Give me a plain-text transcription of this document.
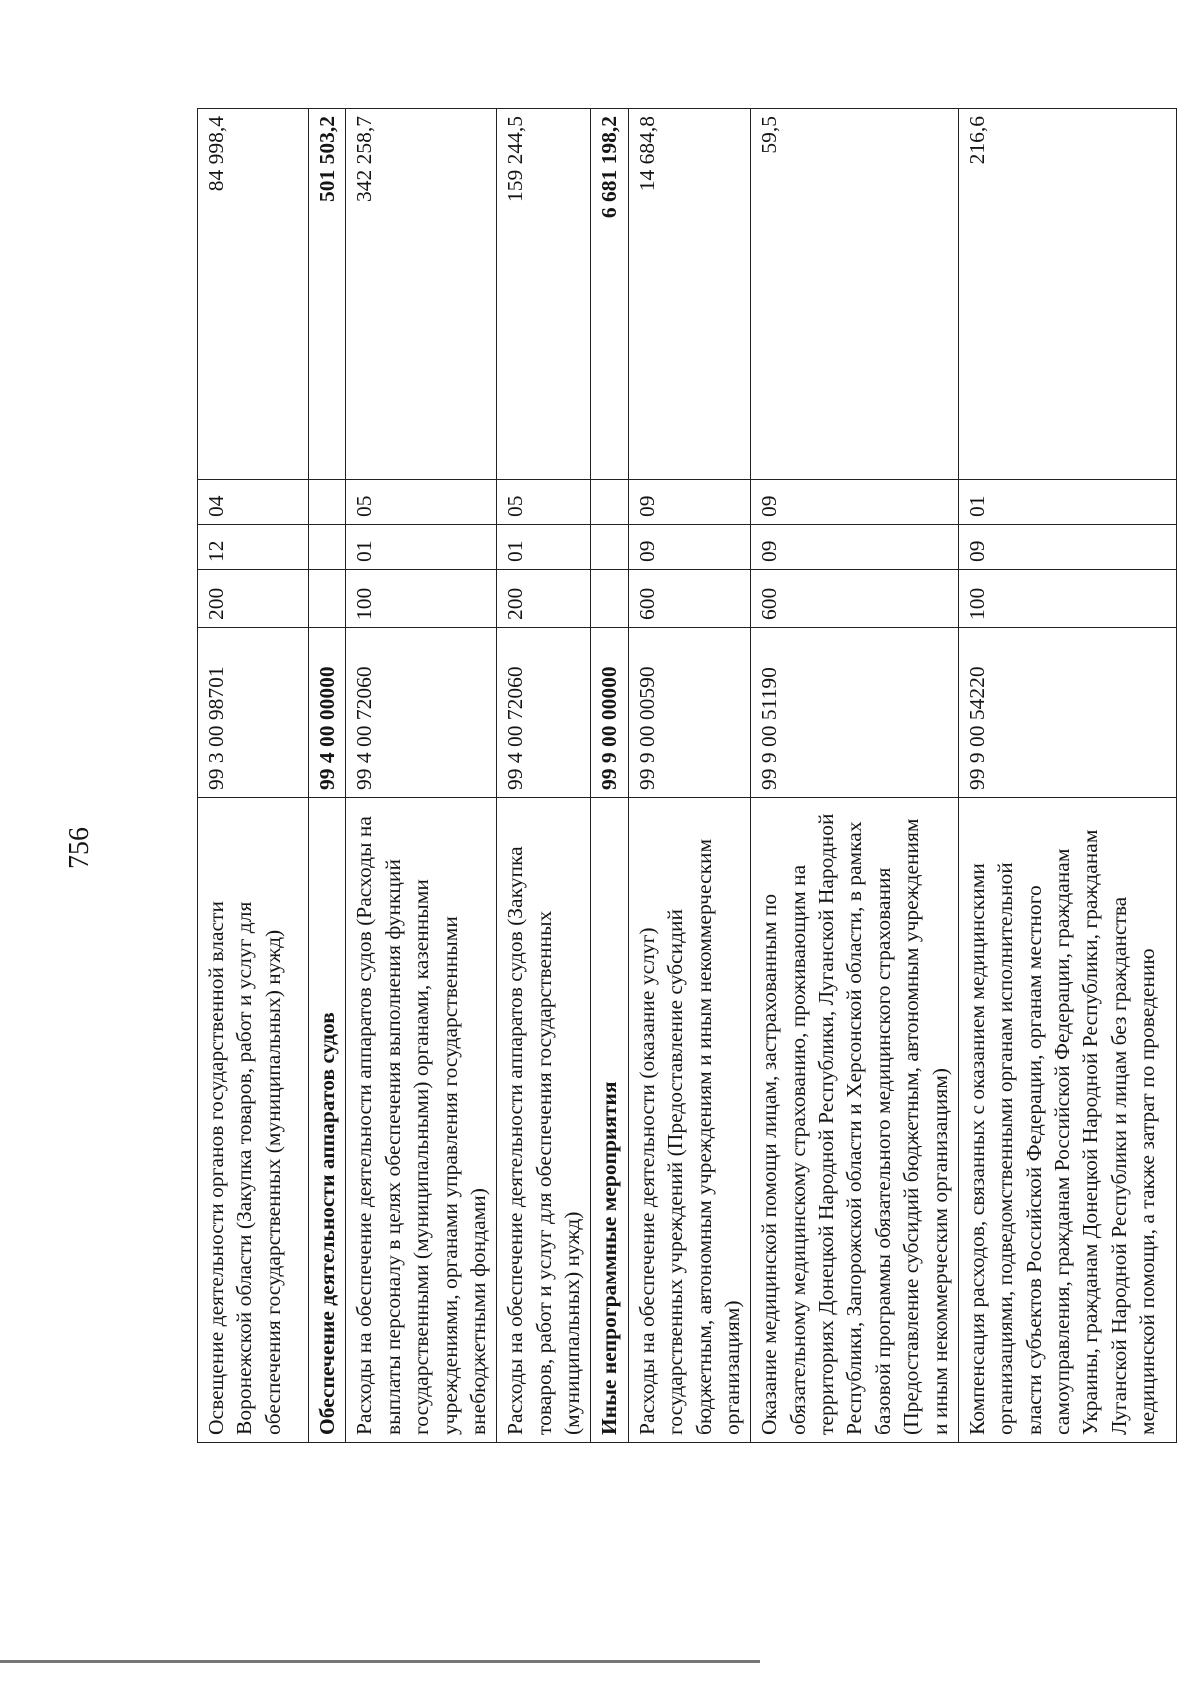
756
Освещение деятельности органов государственной власти Воронежской области (Закупка товаров, работ и услуг для обеспечения государственных (муниципальных) нужд)	99 3 00 98701	200	12	04	84 998,4
Обеспечение деятельности аппаратов судов	99 4 00 00000				501 503,2
Расходы на обеспечение деятельности аппаратов судов (Расходы на выплаты персоналу в целях обеспечения выполнения функций государственными (муниципальными) органами, казенными учреждениями, органами управления государственными внебюджетными фондами)	99 4 00 72060	100	01	05	342 258,7
Расходы на обеспечение деятельности аппаратов судов (Закупка товаров, работ и услуг для обеспечения государственных (муниципальных) нужд)	99 4 00 72060	200	01	05	159 244,5
Иные непрограммные мероприятия	99 9 00 00000				6 681 198,2
Расходы на обеспечение деятельности (оказание услуг) государственных учреждений (Предоставление субсидий бюджетным, автономным учреждениям и иным некоммерческим организациям)	99 9 00 00590	600	09	09	14 684,8
Оказание медицинской помощи лицам, застрахованным по обязательному медицинскому страхованию, проживающим на территориях Донецкой Народной Республики, Луганской Народной Республики, Запорожской области и Херсонской области, в рамках базовой программы обязательного медицинского страхования (Предоставление субсидий бюджетным, автономным учреждениям и иным некоммерческим организациям)	99 9 00 51190	600	09	09	59,5
Компенсация расходов, связанных с оказанием медицинскими организациями, подведомственными органам исполнительной власти субъектов Российской Федерации, органам местного самоуправления, гражданам Российской Федерации, гражданам Украины, гражданам Донецкой Народной Республики, гражданам Луганской Народной Республики и лицам без гражданства медицинской помощи, а также затрат по проведению	99 9 00 54220	100	09	01	216,6
